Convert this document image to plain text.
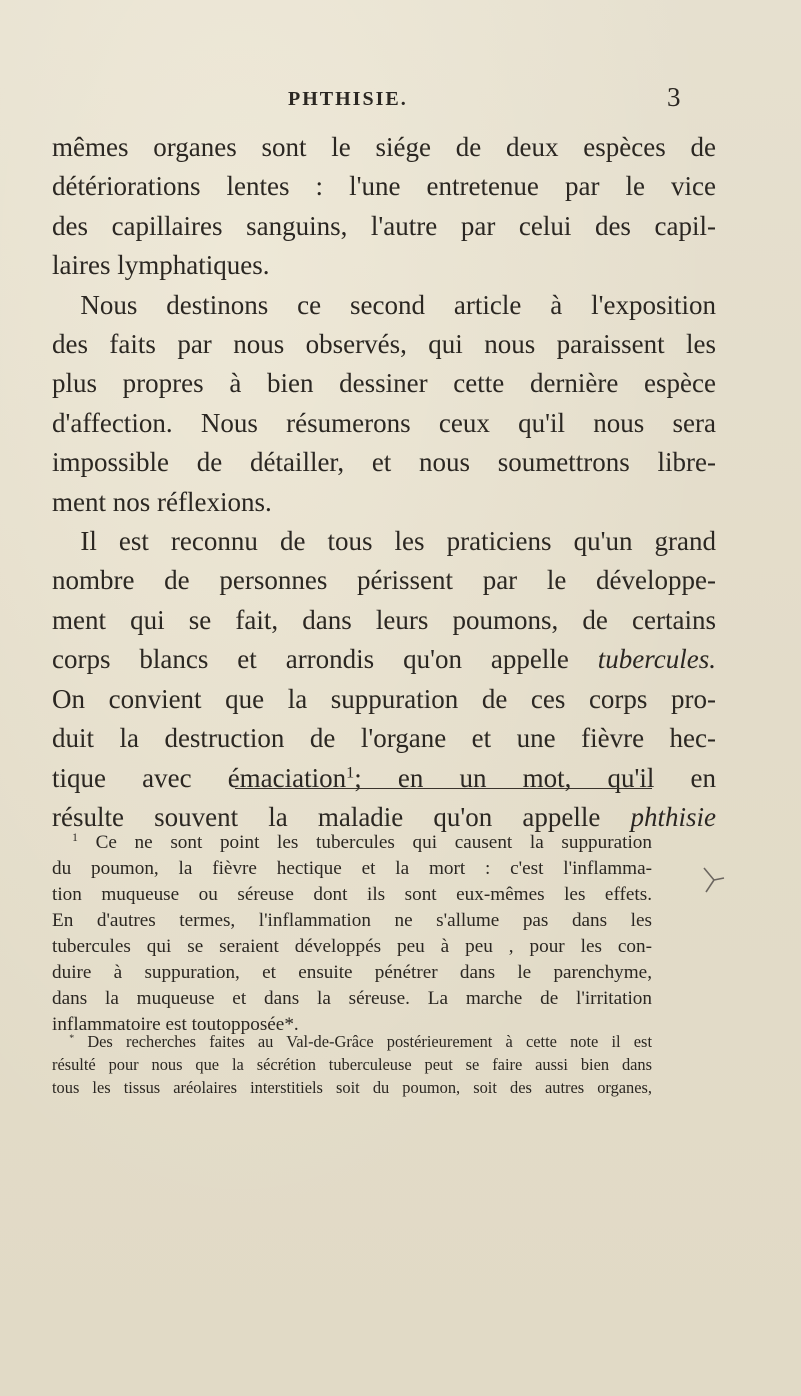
PHTHISIE.	3
mêmes organes sont le siége de deux espèces de
détériorations lentes : l'une entretenue par le vice
des capillaires sanguins, l'autre par celui des capil-
laires lymphatiques.
Nous destinons ce second article à l'exposition
des faits par nous observés, qui nous paraissent les
plus propres à bien dessiner cette dernière espèce
d'affection. Nous résumerons ceux qu'il nous sera
impossible de détailler, et nous soumettrons libre-
ment nos réflexions.
Il est reconnu de tous les praticiens qu'un grand
nombre de personnes périssent par le développe-
ment qui se fait, dans leurs poumons, de certains
corps blancs et arrondis qu'on appelle tubercules.
On convient que la suppuration de ces corps pro-
duit la destruction de l'organe et une fièvre hec-
tique avec émaciation$^1$; en un mot, qu'il en
résulte souvent la maladie qu'on appelle phthisie
$^1$ Ce ne sont point les tubercules qui causent la suppuration
du poumon, la fièvre hectique et la mort : c'est l'inflamma-
tion muqueuse ou séreuse dont ils sont eux-mêmes les effets.
En d'autres termes, l'inflammation ne s'allume pas dans les
tubercules qui se seraient développés peu à peu , pour les con-
duire à suppuration, et ensuite pénétrer dans le parenchyme,
dans la muqueuse et dans la séreuse. La marche de l'irritation
inflammatoire est toutopposée*.
* Des recherches faites au Val-de-Grâce postérieurement à cette note il est
résulté pour nous que la sécrétion tuberculeuse peut se faire aussi bien dans
tous les tissus aréolaires interstitiels soit du poumon, soit des autres organes,
